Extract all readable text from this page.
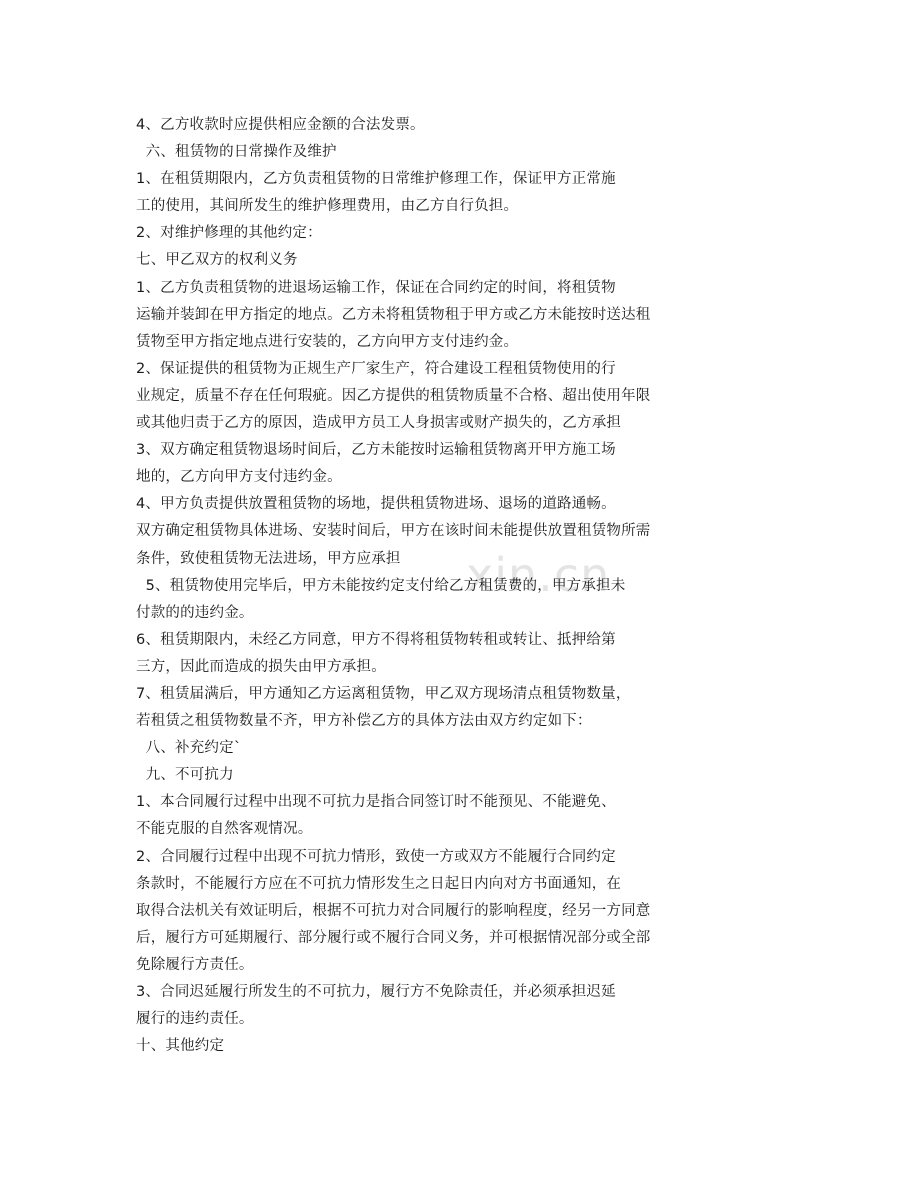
xin.cn
4、乙方收款时应提供相应金额的合法发票。
六、租赁物的日常操作及维护
1、在租赁期限内，乙方负责租赁物的日常维护修理工作，保证甲方正常施
工的使用，其间所发生的维护修理费用，由乙方自行负担。
2、对维护修理的其他约定：
七、甲乙双方的权利义务
1、乙方负责租赁物的进退场运输工作，保证在合同约定的时间，将租赁物
运输并装卸在甲方指定的地点。乙方未将租赁物租于甲方或乙方未能按时送达租
赁物至甲方指定地点进行安装的，乙方向甲方支付违约金。
2、保证提供的租赁物为正规生产厂家生产，符合建设工程租赁物使用的行
业规定，质量不存在任何瑕疵。因乙方提供的租赁物质量不合格、超出使用年限
或其他归责于乙方的原因，造成甲方员工人身损害或财产损失的，乙方承担
3、双方确定租赁物退场时间后，乙方未能按时运输租赁物离开甲方施工场
地的，乙方向甲方支付违约金。
4、甲方负责提供放置租赁物的场地，提供租赁物进场、退场的道路通畅。
双方确定租赁物具体进场、安装时间后，甲方在该时间未能提供放置租赁物所需
条件，致使租赁物无法进场，甲方应承担
5、租赁物使用完毕后，甲方未能按约定支付给乙方租赁费的，甲方承担未
付款的的违约金。
6、租赁期限内，未经乙方同意，甲方不得将租赁物转租或转让、抵押给第
三方，因此而造成的损失由甲方承担。
7、租赁届满后，甲方通知乙方运离租赁物，甲乙双方现场清点租赁物数量，
若租赁之租赁物数量不齐，甲方补偿乙方的具体方法由双方约定如下：
八、补充约定`
九、不可抗力
1、本合同履行过程中出现不可抗力是指合同签订时不能预见、不能避免、
不能克服的自然客观情况。
2、合同履行过程中出现不可抗力情形，致使一方或双方不能履行合同约定
条款时，不能履行方应在不可抗力情形发生之日起日内向对方书面通知，在
取得合法机关有效证明后，根据不可抗力对合同履行的影响程度，经另一方同意
后，履行方可延期履行、部分履行或不履行合同义务，并可根据情况部分或全部
免除履行方责任。
3、合同迟延履行所发生的不可抗力，履行方不免除责任，并必须承担迟延
履行的违约责任。
十、其他约定
